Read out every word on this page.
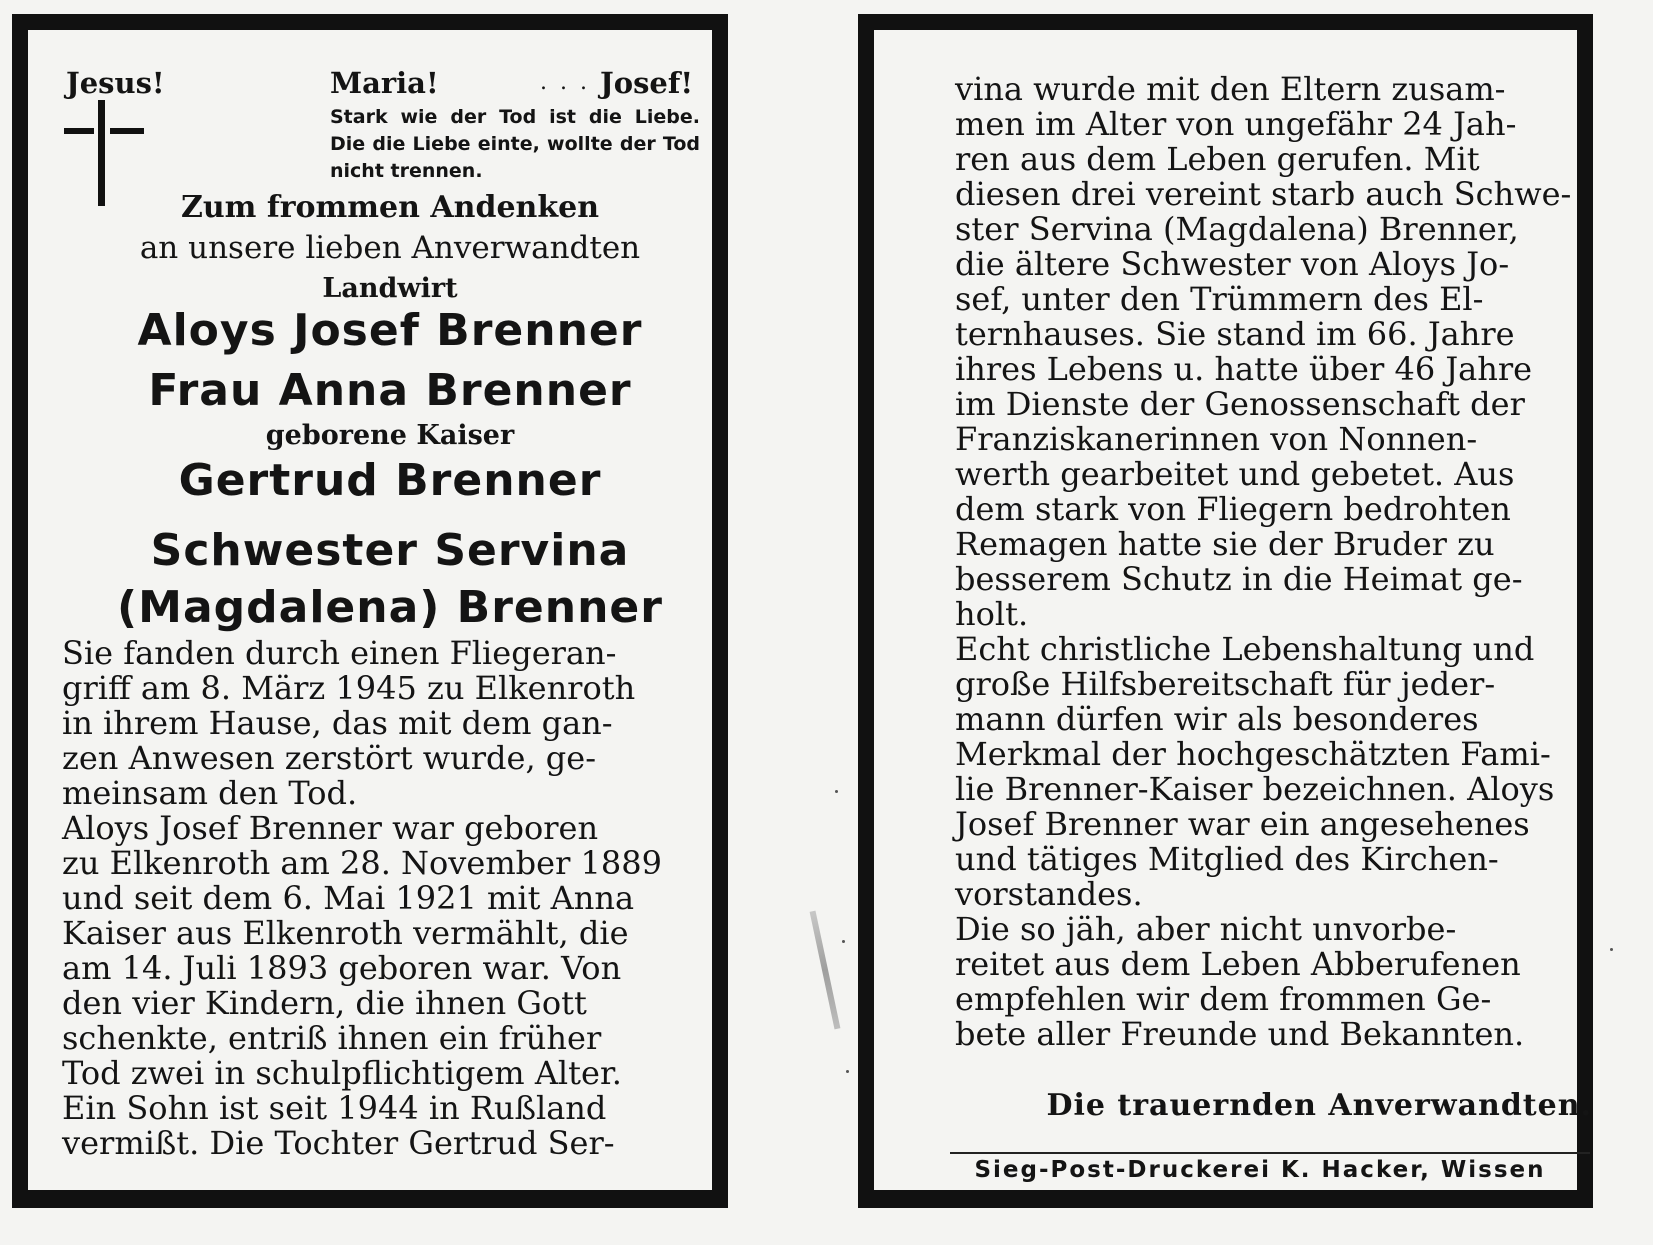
Jesus!	Maria!	. . . Josef!
Stark wie der Tod ist die Liebe. Die die Liebe einte, wollte der Tod nicht trennen.
Zum frommen Andenken
an unsere lieben Anverwandten
Landwirt
Aloys Josef Brenner
Frau Anna Brenner
geborene Kaiser
Gertrud Brenner
Schwester Servina
(Magdalena) Brenner
Sie fanden durch einen Fliegeran-
griff am 8. März 1945 zu Elkenroth
in ihrem Hause, das mit dem gan-
zen Anwesen zerstört wurde, ge-
meinsam den Tod.
Aloys Josef Brenner war geboren
zu Elkenroth am 28. November 1889
und seit dem 6. Mai 1921 mit Anna
Kaiser aus Elkenroth vermählt, die
am 14. Juli 1893 geboren war. Von
den vier Kindern, die ihnen Gott
schenkte, entriß ihnen ein früher
Tod zwei in schulpflichtigem Alter.
Ein Sohn ist seit 1944 in Rußland
vermißt. Die Tochter Gertrud Ser-
vina wurde mit den Eltern zusam-
men im Alter von ungefähr 24 Jah-
ren aus dem Leben gerufen. Mit
diesen drei vereint starb auch Schwe-
ster Servina (Magdalena) Brenner,
die ältere Schwester von Aloys Jo-
sef, unter den Trümmern des El-
ternhauses. Sie stand im 66. Jahre
ihres Lebens u. hatte über 46 Jahre
im Dienste der Genossenschaft der
Franziskanerinnen von Nonnen-
werth gearbeitet und gebetet. Aus
dem stark von Fliegern bedrohten
Remagen hatte sie der Bruder zu
besserem Schutz in die Heimat ge-
holt.
Echt christliche Lebenshaltung und
große Hilfsbereitschaft für jeder-
mann dürfen wir als besonderes
Merkmal der hochgeschätzten Fami-
lie Brenner-Kaiser bezeichnen. Aloys
Josef Brenner war ein angesehenes
und tätiges Mitglied des Kirchen-
vorstandes.
Die so jäh, aber nicht unvorbe-
reitet aus dem Leben Abberufenen
empfehlen wir dem frommen Ge-
bete aller Freunde und Bekannten.
Die trauernden Anverwandten.
Sieg-Post-Druckerei K. Hacker, Wissen
